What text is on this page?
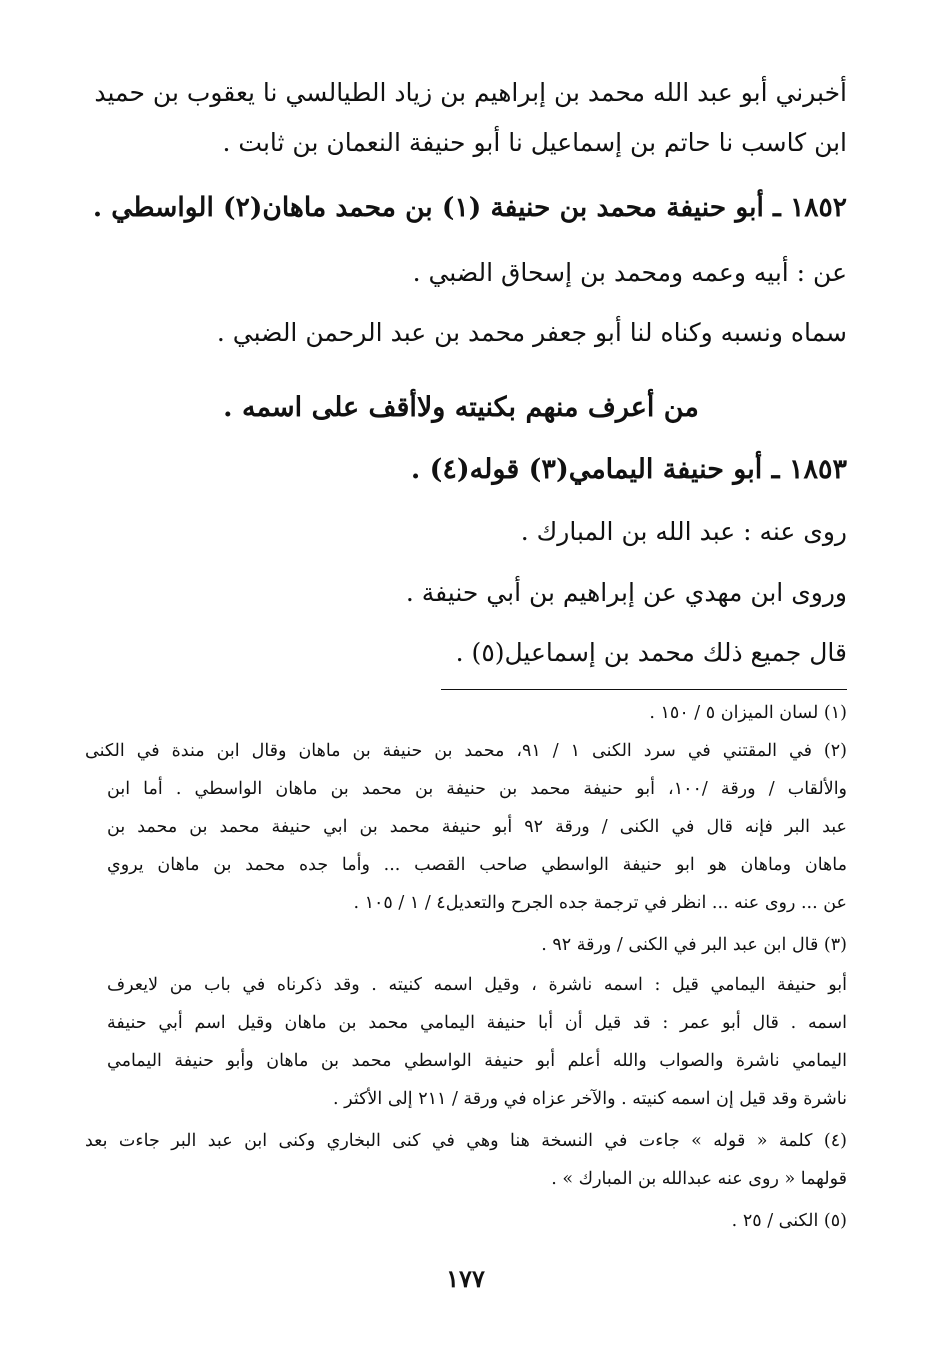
أخبرني أبو عبد الله محمد بن إبراهيم بن زياد الطيالسي نا يعقوب بن حميد
ابن كاسب نا حاتم بن إسماعيل نا أبو حنيفة النعمان بن ثابت .
١٨٥٢ ـ أبو حنيفة محمد بن حنيفة (١) بن محمد ماهان(٢) الواسطي .
عن : أبيه وعمه ومحمد بن إسحاق الضبي .
سماه ونسبه وكناه لنا أبو جعفر محمد بن عبد الرحمن الضبي .
من أعرف منهم بكنيته ولاأقف على اسمه .
١٨٥٣ ـ أبو حنيفة اليمامي(٣) قوله(٤) .
روى عنه : عبد الله بن المبارك .
وروى ابن مهدي عن إبراهيم بن أبي حنيفة .
قال جميع ذلك محمد بن إسماعيل(٥) .
(١) لسان الميزان ٥ / ١٥٠ .
(٢) في المقتني في سرد الكنى ١ / ٩١، محمد بن حنيفة بن ماهان وقال ابن مندة في الكنى
والألقاب / ورقة /١٠٠، أبو حنيفة محمد بن حنيفة بن محمد بن ماهان الواسطي . أما ابن
عبد البر فإنه قال في الكنى / ورقة ٩٢ أبو حنيفة محمد بن ابي حنيفة محمد بن محمد بن
ماهان وماهان هو ابو حنيفة الواسطي صاحب القصب ... وأما جده محمد بن ماهان يروي
عن ... روى عنه ... انظر في ترجمة جده الجرح والتعديل٤ / ١ / ١٠٥ .
(٣) قال ابن عبد البر في الكنى / ورقة ٩٢ .
أبو حنيفة اليمامي قيل : اسمه ناشرة ، وقيل اسمه كنيته . وقد ذكرناه في باب من لايعرف
اسمه . قال أبو عمر : قد قيل أن أبا حنيفة اليمامي محمد بن ماهان وقيل اسم أبي حنيفة
اليمامي ناشرة والصواب والله أعلم أبو حنيفة الواسطي محمد بن ماهان وأبو حنيفة اليمامي
ناشرة وقد قيل إن اسمه كنيته . والآخر عزاه في ورقة / ٢١١ إلى الأكثر .
(٤) كلمة « قوله » جاءت في النسخة هنا وهي في كنى البخاري وكنى ابن عبد البر جاءت بعد
قولهما « روى عنه عبدالله بن المبارك » .
(٥) الكنى / ٢٥ .
١٧٧
